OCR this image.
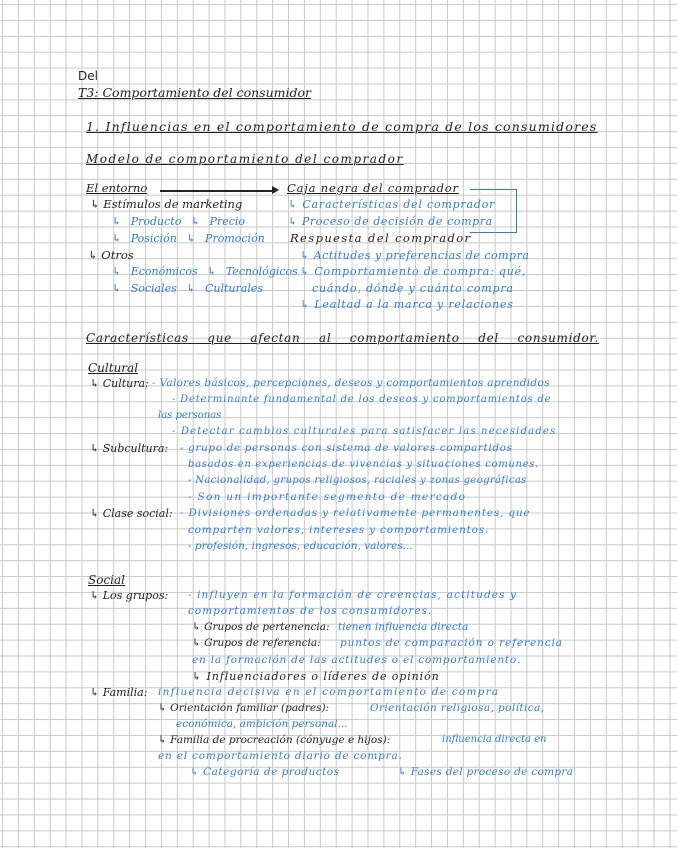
Del
T3: Comportamiento del consumidor
1. Influencias en el comportamiento de compra de los consumidores
Modelo de comportamiento del comprador
El entorno
↳ Estímulos de marketing
↳ Producto ↳ Precio
↳ Posición ↳ Promoción
↳ Otros
↳ Económicos ↳ Tecnológicos
↳ Sociales ↳ Culturales
Caja negra del comprador
↳ Características del comprador
↳ Proceso de decisión de compra
Respuesta del comprador
↳ Actitudes y preferencias de compra
↳ Comportamiento de compra: qué,
cuándo, dónde y cuánto compra
↳ Lealtad a la marca y relaciones
Características que afectan al comportamiento del consumidor.
Cultural
↳ Cultura: - Valores básicos, percepciones, deseos y comportamientos aprendidos
- Determinante fundamental de los deseos y comportamientos de
las personas
- Detectar cambios culturales para satisfacer las necesidades
↳ Subcultura: - grupo de personas con sistema de valores compartidos
basados en experiencias de vivencias y situaciones comunes.
- Nacionalidad, grupos religiosos, raciales y zonas geográficas
- Son un importante segmento de mercado
↳ Clase social: - Divisiones ordenadas y relativamente permanentes, que
comparten valores, intereses y comportamientos.
- profesión, ingresos, educación, valores...
Social
↳ Los grupos: - influyen en la formación de creencias, actitudes y
comportamientos de los consumidores.
↳ Grupos de pertenencia: tienen influencia directa
↳ Grupos de referencia: puntos de comparación o referencia
en la formación de las actitudes o el comportamiento.
↳ Influenciadores o líderes de opinión
↳ Familia: influencia decisiva en el comportamiento de compra
↳ Orientación familiar (padres):	Orientación religiosa, política,
económica, ambición personal...
↳ Familia de procreación (cónyuge e hijos):	influencia directa en
en el comportamiento diario de compra.
↳ Categoría de productos	↳ Fases del proceso de compra
